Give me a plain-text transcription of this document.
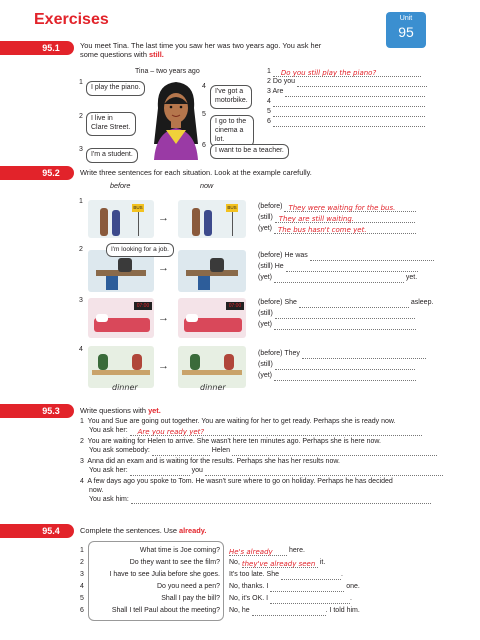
Exercises	Unit
95
95.1	You meet Tina. The last time you saw her was two years ago. You ask her
some questions with still.
Tina – two years ago
1
I play the piano.	4
I've got a motorbike.
2	I live in Clare Street.
5
I go to the cinema a lot.
3
I'm a student.
6
I want to be a teacher.
1 Do you still play the piano?
2 Do you
3 Are
4
5
6
95.2	Write three sentences for each situation. Look at the example carefully.
before	now
1
BUS
→
BUS	(before) They were waiting for the bus.
(still) They are still waiting.
(yet) The bus hasn't come yet.
2	I'm looking for a job.
→
(before) He was
(still) He
(yet)	yet.
3
07:00
→
07:00	(before) She	asleep.
(still)
(yet)
4
dinner
→
dinner
(before) They
(still)
(yet)
95.3	Write questions with yet.
1 You and Sue are going out together. You are waiting for her to get ready. Perhaps she is ready now.
You ask her: Are you ready yet?
2 You are waiting for Helen to arrive. She wasn't here ten minutes ago. Perhaps she is here now.
You ask somebody:	Helen
3 Anna did an exam and is waiting for the results. Perhaps she has her results now.
You ask her:	you
4 A few days ago you spoke to Tom. He wasn't sure where to go on holiday. Perhaps he has decided
now.
You ask him:
95.4	Complete the sentences. Use already.
1	What time is Joe coming? He's already here.
2	Do they want to see the film? No, they've already seen it.
3	I have to see Julia before she goes. It's too late. She	.
4	Do you need a pen? No, thanks. I	one.
5	Shall I pay the bill? No, it's OK. I	.
6	Shall I tell Paul about the meeting? No, he	. I told him.
